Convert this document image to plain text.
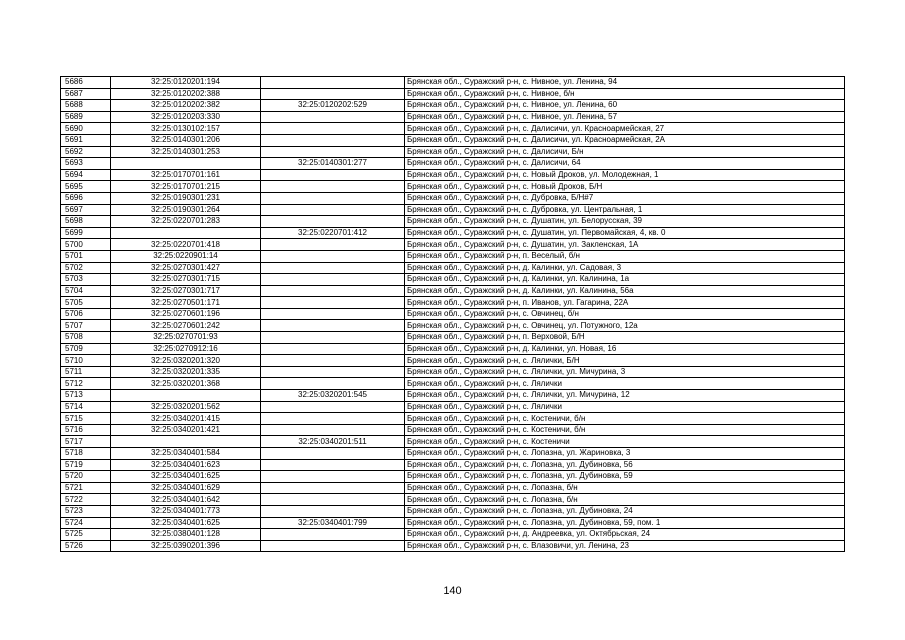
5686	32:25:0120201:194		Брянская обл., Суражский р-н, с. Нивное, ул. Ленина, 94
5687	32:25:0120202:388		Брянская обл., Суражский р-н, с. Нивное, б/н
5688	32:25:0120202:382	32:25:0120202:529	Брянская обл., Суражский р-н, с. Нивное, ул. Ленина, 60
5689	32:25:0120203:330		Брянская обл., Суражский р-н, с. Нивное, ул. Ленина, 57
5690	32:25:0130102:157		Брянская обл., Суражский р-н, с. Далисичи, ул. Красноармейская, 27
5691	32:25:0140301:206		Брянская обл., Суражский р-н, с. Далисичи, ул. Красноармейская, 2А
5692	32:25:0140301:253		Брянская обл., Суражский р-н, с. Далисичи, Б/н
5693		32:25:0140301:277	Брянская обл., Суражский р-н, с. Далисичи, 64
5694	32:25:0170701:161		Брянская обл., Суражский р-н, с. Новый Дроков, ул. Молодежная, 1
5695	32:25:0170701:215		Брянская обл., Суражский р-н, с. Новый Дроков, Б/Н
5696	32:25:0190301:231		Брянская обл., Суражский р-н, с. Дубровка, Б/Н#7
5697	32:25:0190301:264		Брянская обл., Суражский р-н, с. Дубровка, ул. Центральная, 1
5698	32:25:0220701:283		Брянская обл., Суражский р-н, с. Душатин, ул. Белорусская, 39
5699		32:25:0220701:412	Брянская обл., Суражский р-н, с. Душатин, ул. Первомайская, 4, кв. 0
5700	32:25:0220701:418		Брянская обл., Суражский р-н, с. Душатин, ул. Закленская, 1А
5701	32:25:0220901:14		Брянская обл., Суражский р-н, п. Веселый, б/н
5702	32:25:0270301:427		Брянская обл., Суражский р-н, д. Калинки, ул. Садовая, 3
5703	32:25:0270301:715		Брянская обл., Суражский р-н, д. Калинки, ул. Калинина, 1а
5704	32:25:0270301:717		Брянская обл., Суражский р-н, д. Калинки, ул. Калинина, 56а
5705	32:25:0270501:171		Брянская обл., Суражский р-н, п. Иванов, ул. Гагарина, 22А
5706	32:25:0270601:196		Брянская обл., Суражский р-н, с. Овчинец, б/н
5707	32:25:0270601:242		Брянская обл., Суражский р-н, с. Овчинец, ул. Потужного, 12а
5708	32:25:0270701:93		Брянская обл., Суражский р-н, п. Верховой, Б/Н
5709	32:25:0270912:16		Брянская обл., Суражский р-н, д. Калинки, ул. Новая, 16
5710	32:25:0320201:320		Брянская обл., Суражский р-н, с. Лялички, Б/Н
5711	32:25:0320201:335		Брянская обл., Суражский р-н, с. Лялички, ул. Мичурина, 3
5712	32:25:0320201:368		Брянская обл., Суражский р-н, с. Лялички
5713		32:25:0320201:545	Брянская обл., Суражский р-н, с. Лялички, ул. Мичурина, 12
5714	32:25:0320201:562		Брянская обл., Суражский р-н, с. Лялички
5715	32:25:0340201:415		Брянская обл., Суражский р-н, с. Костеничи, б/н
5716	32:25:0340201:421		Брянская обл., Суражский р-н, с. Костеничи, б/н
5717		32:25:0340201:511	Брянская обл., Суражский р-н, с. Костеничи
5718	32:25:0340401:584		Брянская обл., Суражский р-н, с. Лопазна, ул. Жариновка, 3
5719	32:25:0340401:623		Брянская обл., Суражский р-н, с. Лопазна, ул. Дубиновка, 56
5720	32:25:0340401:625		Брянская обл., Суражский р-н, с. Лопазна, ул. Дубиновка, 59
5721	32:25:0340401:629		Брянская обл., Суражский р-н, с. Лопазна, б/н
5722	32:25:0340401:642		Брянская обл., Суражский р-н, с. Лопазна, б/н
5723	32:25:0340401:773		Брянская обл., Суражский р-н, с. Лопазна, ул. Дубиновка, 24
5724	32:25:0340401:625	32:25:0340401:799	Брянская обл., Суражский р-н, с. Лопазна, ул. Дубиновка, 59, пом. 1
5725	32:25:0380401:128		Брянская обл., Суражский р-н, д. Андреевка, ул. Октябрьская, 24
5726	32:25:0390201:396		Брянская обл., Суражский р-н, с. Влазовичи, ул. Ленина, 23
140
